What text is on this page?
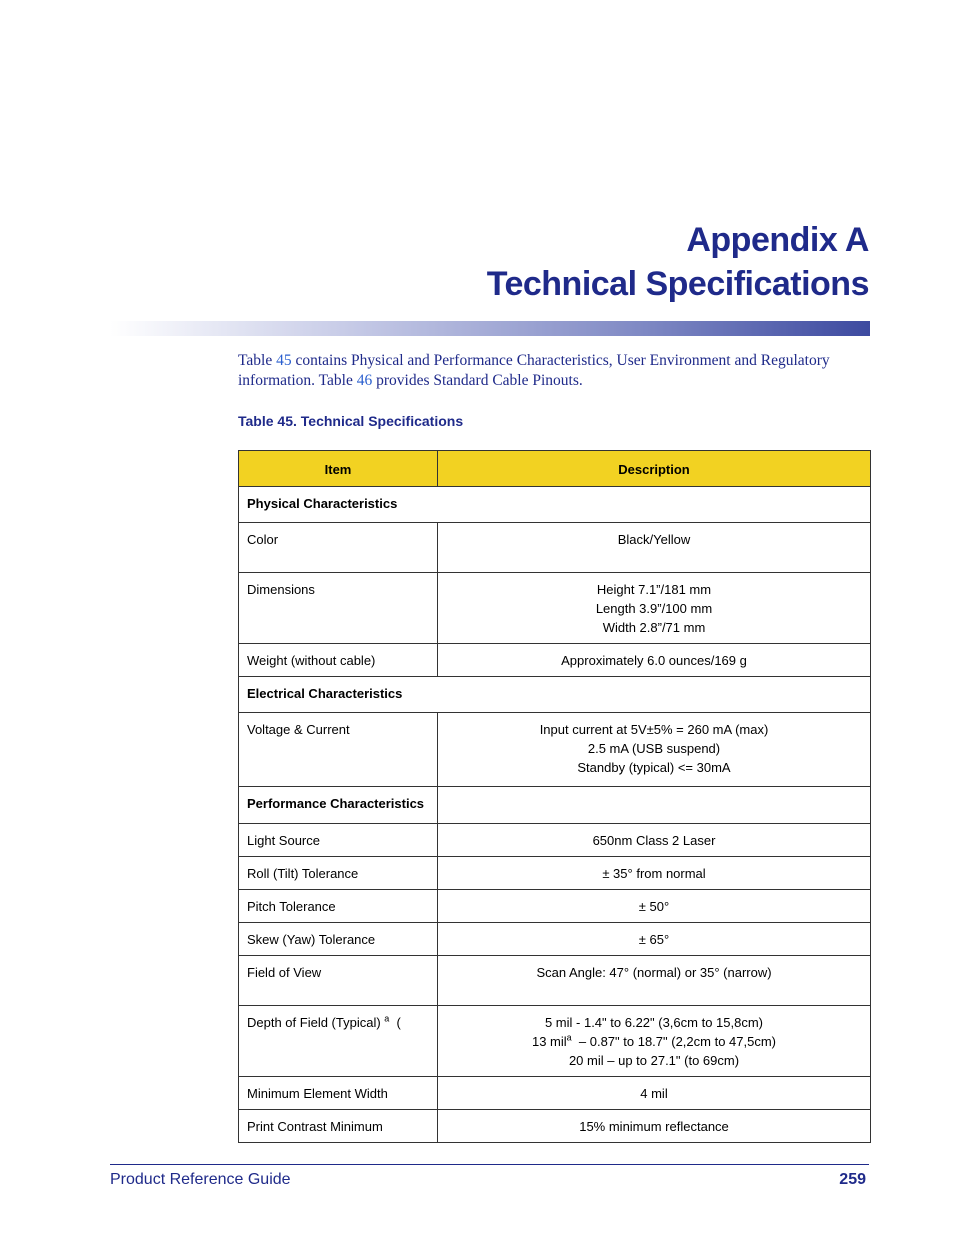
Appendix A
Technical Specifications

Table 45 contains Physical and Performance Characteristics, User Environment and Regulatory information. Table 46 provides Standard Cable Pinouts.

Table 45. Technical Specifications
Item	Description
Physical Characteristics	
Color	Black/Yellow
Dimensions	Height 7.1”/181 mm
Length 3.9”/100 mm
Width 2.8”/71 mm

Weight (without cable)	Approximately 6.0 ounces/169 g
Electrical Characteristics	
Voltage & Current	Input current at 5V±5% = 260 mA (max)
2.5 mA (USB suspend)
Standby (typical) <= 30mA

Performance Characteristics	
Light Source	650nm Class 2 Laser
Roll (Tilt) Tolerance	± 35° from normal
Pitch Tolerance	± 50°
Skew (Yaw) Tolerance	± 65°
Field of View	Scan Angle: 47° (normal) or 35° (narrow)
Depth of Field (Typical) $^a$  (	5 mil - 1.4" to 6.22" (3,6cm to 15,8cm)
13 mil$^a$  – 0.87" to 18.7" (2,2cm to 47,5cm)
20 mil – up to 27.1" (to 69cm)

Minimum Element Width	4 mil
Print Contrast Minimum	15% minimum reflectance
Product Reference Guide	259
